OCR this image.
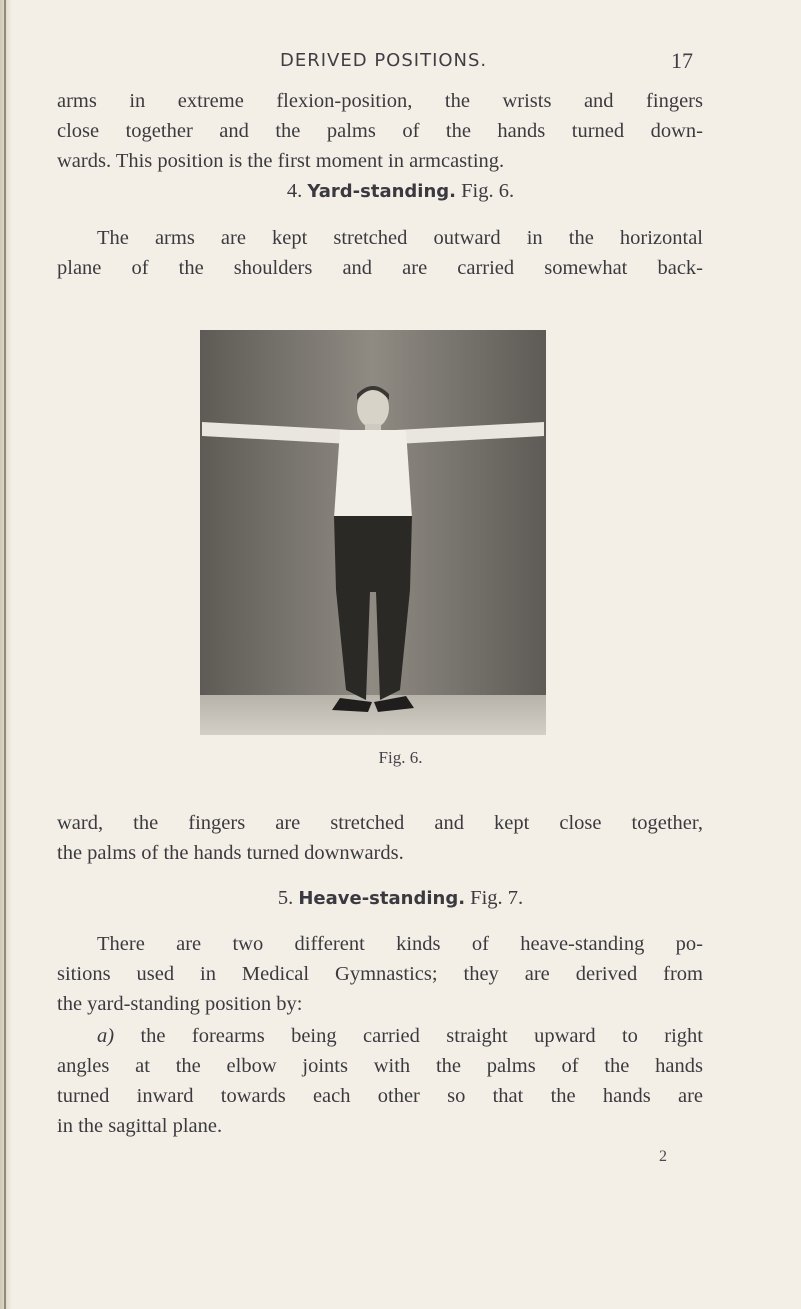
DERIVED POSITIONS.	17

arms in extreme flexion-position, the wrists and fingers
close together and the palms of the hands turned down-
wards. This position is the first moment in armcasting.

4. Yard-standing. Fig. 6.

The arms are kept stretched outward in the horizontal
plane of the shoulders and are carried somewhat back-

Fig. 6.

ward, the fingers are stretched and kept close together,
the palms of the hands turned downwards.

5. Heave-standing. Fig. 7.

There are two different kinds of heave-standing po-
sitions used in Medical Gymnastics; they are derived from
the yard-standing position by:

a) the forearms being carried straight upward to right
angles at the elbow joints with the palms of the hands
turned inward towards each other so that the hands are
in the sagittal plane.

2
